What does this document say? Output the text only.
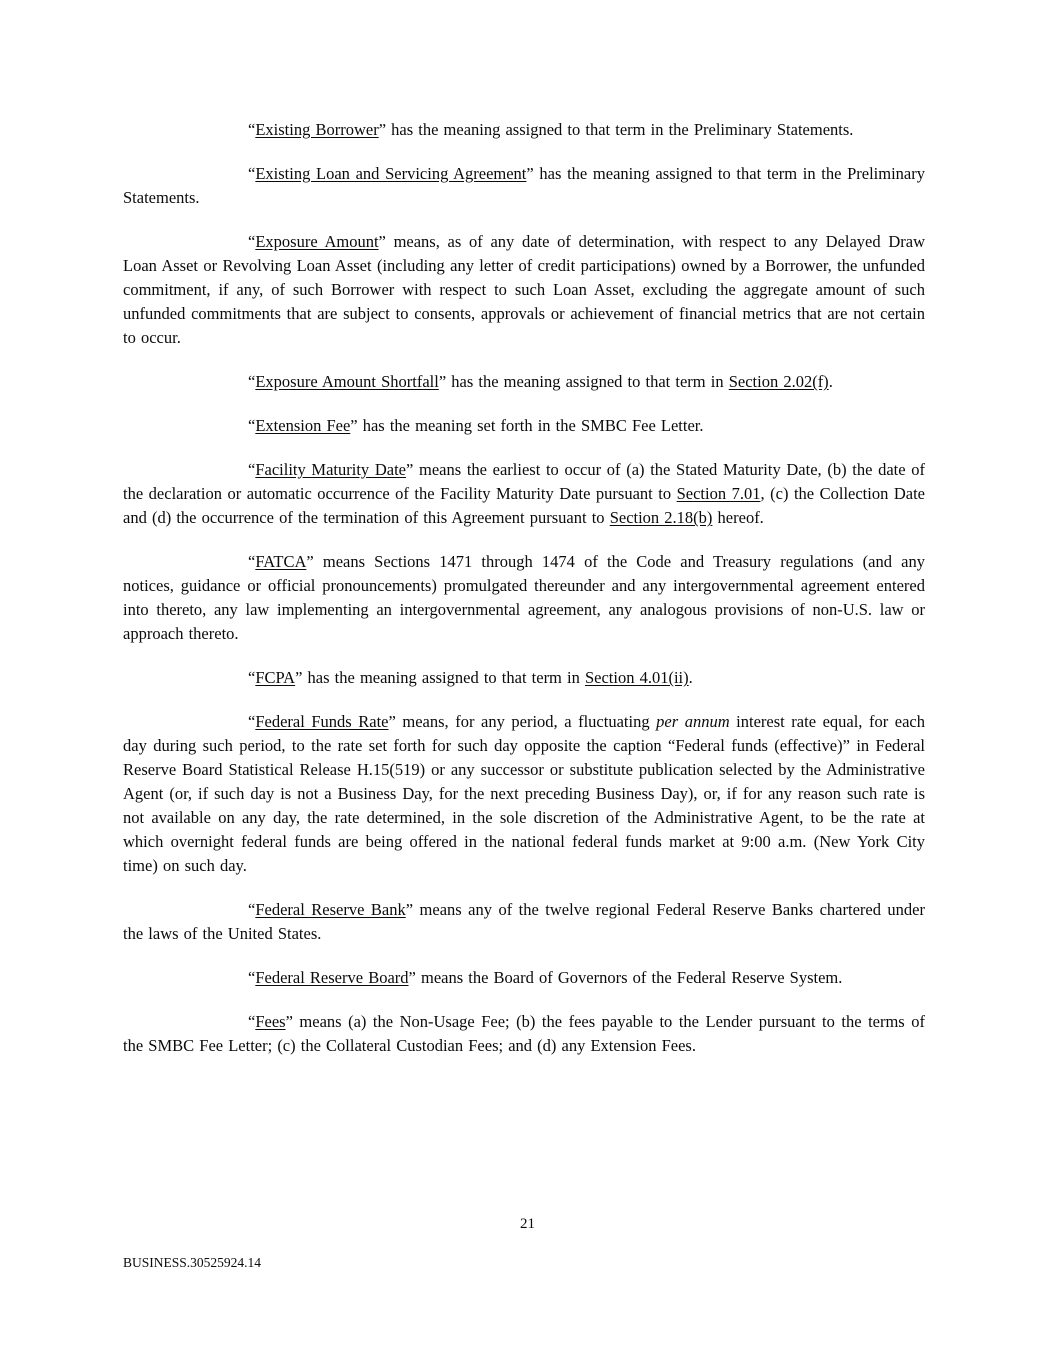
“Existing Borrower” has the meaning assigned to that term in the Preliminary Statements.

“Existing Loan and Servicing Agreement” has the meaning assigned to that term in the Preliminary Statements.

“Exposure Amount” means, as of any date of determination, with respect to any Delayed Draw Loan Asset or Revolving Loan Asset (including any letter of credit participations) owned by a Borrower, the unfunded commitment, if any, of such Borrower with respect to such Loan Asset, excluding the aggregate amount of such unfunded commitments that are subject to consents, approvals or achievement of financial metrics that are not certain to occur.

“Exposure Amount Shortfall” has the meaning assigned to that term in Section 2.02(f).

“Extension Fee” has the meaning set forth in the SMBC Fee Letter.

“Facility Maturity Date” means the earliest to occur of (a) the Stated Maturity Date, (b) the date of the declaration or automatic occurrence of the Facility Maturity Date pursuant to Section 7.01, (c) the Collection Date and (d) the occurrence of the termination of this Agreement pursuant to Section 2.18(b) hereof.

“FATCA” means Sections 1471 through 1474 of the Code and Treasury regulations (and any notices, guidance or official pronouncements) promulgated thereunder and any intergovernmental agreement entered into thereto, any law implementing an intergovernmental agreement, any analogous provisions of non-U.S. law or approach thereto.

“FCPA” has the meaning assigned to that term in Section 4.01(ii).

“Federal Funds Rate” means, for any period, a fluctuating per annum interest rate equal, for each day during such period, to the rate set forth for such day opposite the caption “Federal funds (effective)” in Federal Reserve Board Statistical Release H.15(519) or any successor or substitute publication selected by the Administrative Agent (or, if such day is not a Business Day, for the next preceding Business Day), or, if for any reason such rate is not available on any day, the rate determined, in the sole discretion of the Administrative Agent, to be the rate at which overnight federal funds are being offered in the national federal funds market at 9:00 a.m. (New York City time) on such day.

“Federal Reserve Bank” means any of the twelve regional Federal Reserve Banks chartered under the laws of the United States.

“Federal Reserve Board” means the Board of Governors of the Federal Reserve System.

“Fees” means (a) the Non-Usage Fee; (b) the fees payable to the Lender pursuant to the terms of the SMBC Fee Letter; (c) the Collateral Custodian Fees; and (d) any Extension Fees.

21
BUSINESS.30525924.14
